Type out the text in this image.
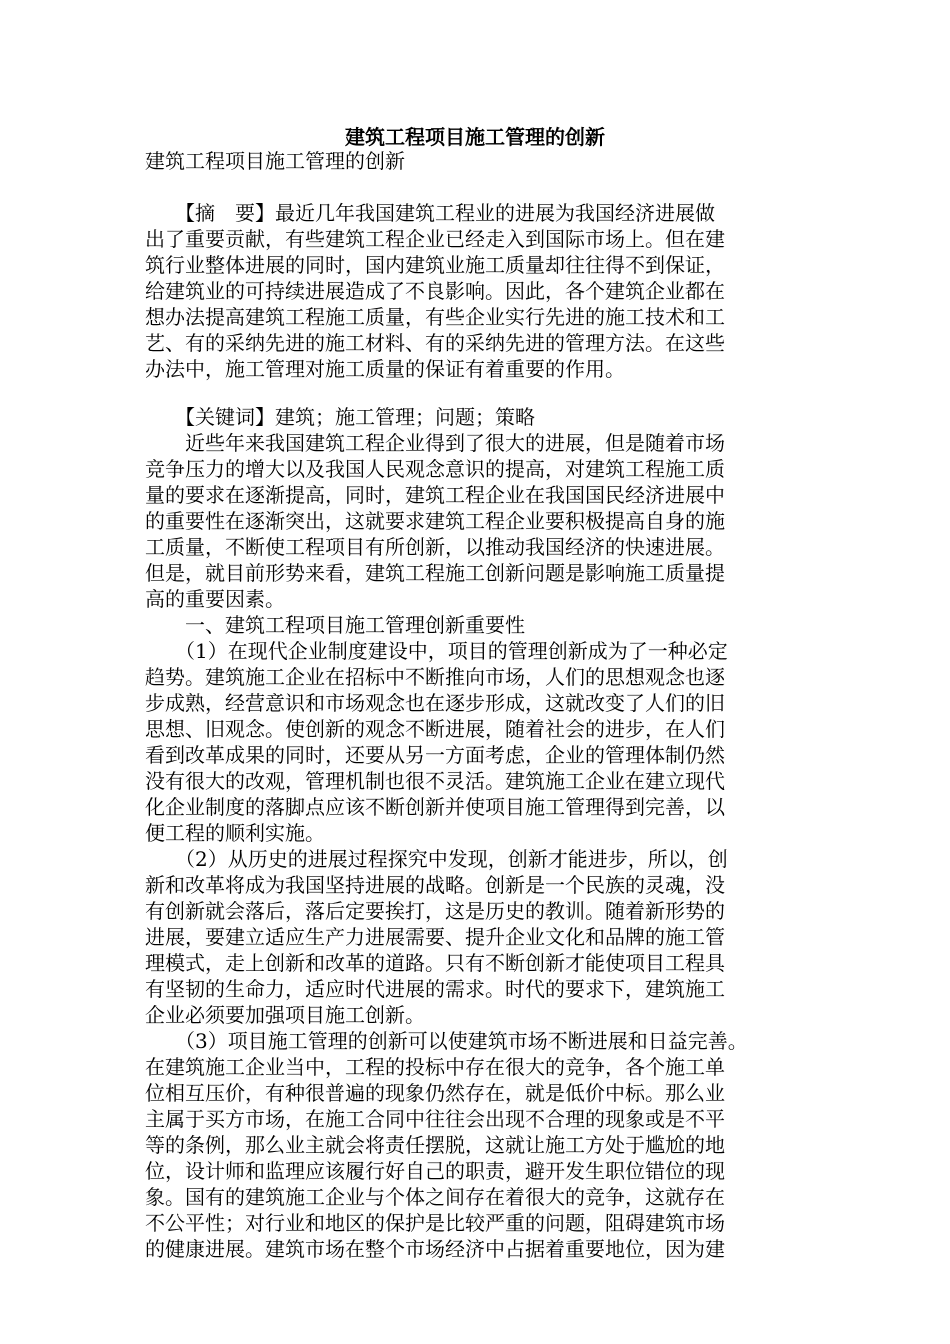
建筑工程项目施工管理的创新
建筑工程项目施工管理的创新
　　【摘　要】最近几年我国建筑工程业的进展为我国经济进展做
出了重要贡献，有些建筑工程企业已经走入到国际市场上。但在建
筑行业整体进展的同时，国内建筑业施工质量却往往得不到保证，
给建筑业的可持续进展造成了不良影响。因此，各个建筑企业都在
想办法提高建筑工程施工质量，有些企业实行先进的施工技术和工
艺、有的采纳先进的施工材料、有的采纳先进的管理方法。在这些
办法中，施工管理对施工质量的保证有着重要的作用。
　　【关键词】建筑；施工管理；问题；策略
　　近些年来我国建筑工程企业得到了很大的进展，但是随着市场
竞争压力的增大以及我国人民观念意识的提高，对建筑工程施工质
量的要求在逐渐提高，同时，建筑工程企业在我国国民经济进展中
的重要性在逐渐突出，这就要求建筑工程企业要积极提高自身的施
工质量，不断使工程项目有所创新，以推动我国经济的快速进展。
但是，就目前形势来看，建筑工程施工创新问题是影响施工质量提
高的重要因素。
　　一、建筑工程项目施工管理创新重要性
　　（1）在现代企业制度建设中，项目的管理创新成为了一种必定
趋势。建筑施工企业在招标中不断推向市场，人们的思想观念也逐
步成熟，经营意识和市场观念也在逐步形成，这就改变了人们的旧
思想、旧观念。使创新的观念不断进展，随着社会的进步，在人们
看到改革成果的同时，还要从另一方面考虑，企业的管理体制仍然
没有很大的改观，管理机制也很不灵活。建筑施工企业在建立现代
化企业制度的落脚点应该不断创新并使项目施工管理得到完善，以
便工程的顺利实施。
　　（2）从历史的进展过程探究中发现，创新才能进步，所以，创
新和改革将成为我国坚持进展的战略。创新是一个民族的灵魂，没
有创新就会落后，落后定要挨打，这是历史的教训。随着新形势的
进展，要建立适应生产力进展需要、提升企业文化和品牌的施工管
理模式，走上创新和改革的道路。只有不断创新才能使项目工程具
有坚韧的生命力，适应时代进展的需求。时代的要求下，建筑施工
企业必须要加强项目施工创新。
　　（3）项目施工管理的创新可以使建筑市场不断进展和日益完善。
在建筑施工企业当中，工程的投标中存在很大的竞争，各个施工单
位相互压价，有种很普遍的现象仍然存在，就是低价中标。那么业
主属于买方市场，在施工合同中往往会出现不合理的现象或是不平
等的条例，那么业主就会将责任摆脱，这就让施工方处于尴尬的地
位，设计师和监理应该履行好自己的职责，避开发生职位错位的现
象。国有的建筑施工企业与个体之间存在着很大的竞争，这就存在
不公平性；对行业和地区的保护是比较严重的问题，阻碍建筑市场
的健康进展。建筑市场在整个市场经济中占据着重要地位，因为建
